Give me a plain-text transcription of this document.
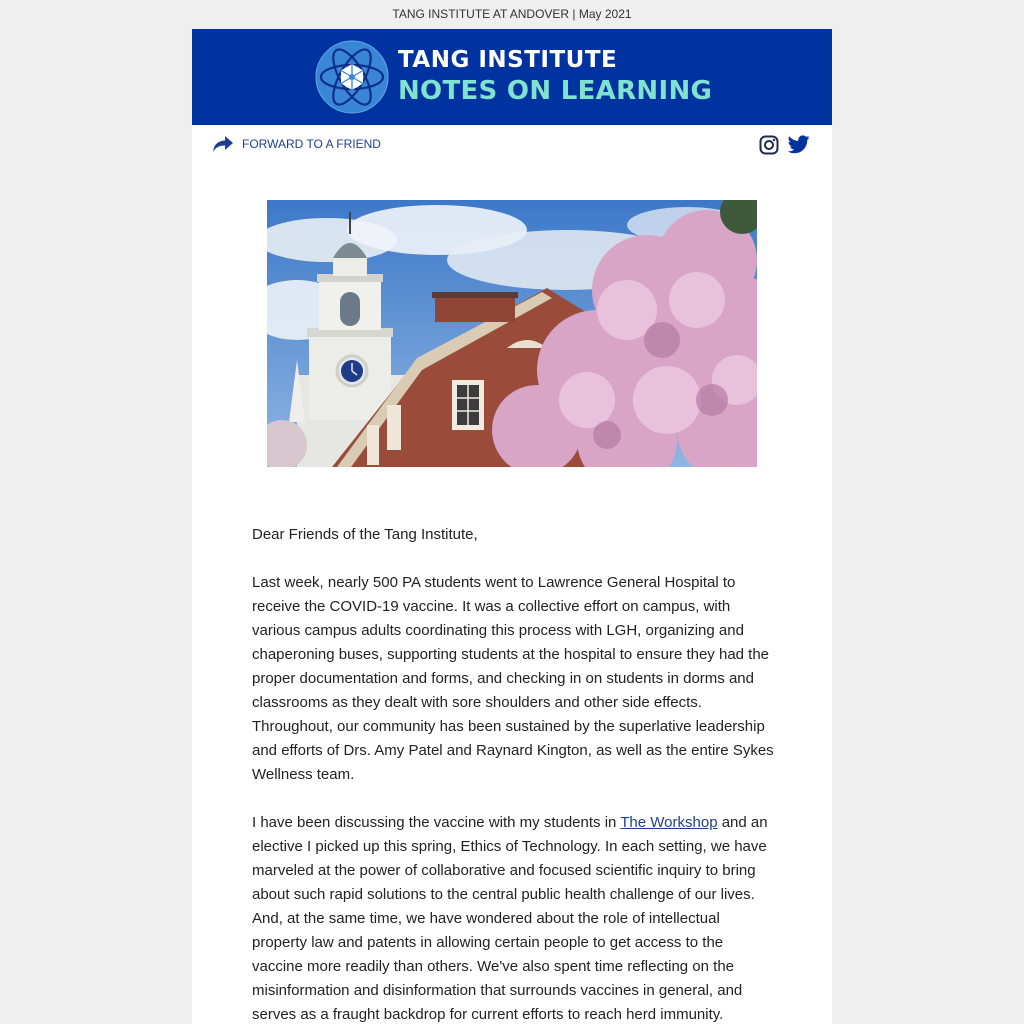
TANG INSTITUTE AT ANDOVER | May 2021
TANG INSTITUTE
NOTES ON LEARNING
FORWARD TO A FRIEND

Dear Friends of the Tang Institute,

Last week, nearly 500 PA students went to Lawrence General Hospital to receive the COVID-19 vaccine. It was a collective effort on campus, with various campus adults coordinating this process with LGH, organizing and chaperoning buses, supporting students at the hospital to ensure they had the proper documentation and forms, and checking in on students in dorms and classrooms as they dealt with sore shoulders and other side effects. Throughout, our community has been sustained by the superlative leadership and efforts of Drs. Amy Patel and Raynard Kington, as well as the entire Sykes Wellness team.

I have been discussing the vaccine with my students in The Workshop and an elective I picked up this spring, Ethics of Technology. In each setting, we have marveled at the power of collaborative and focused scientific inquiry to bring about such rapid solutions to the central public health challenge of our lives. And, at the same time, we have wondered about the role of intellectual property law and patents in allowing certain people to get access to the vaccine more readily than others. We've also spent time reflecting on the misinformation and disinformation that surrounds vaccines in general, and serves as a fraught backdrop for current efforts to reach herd immunity.
